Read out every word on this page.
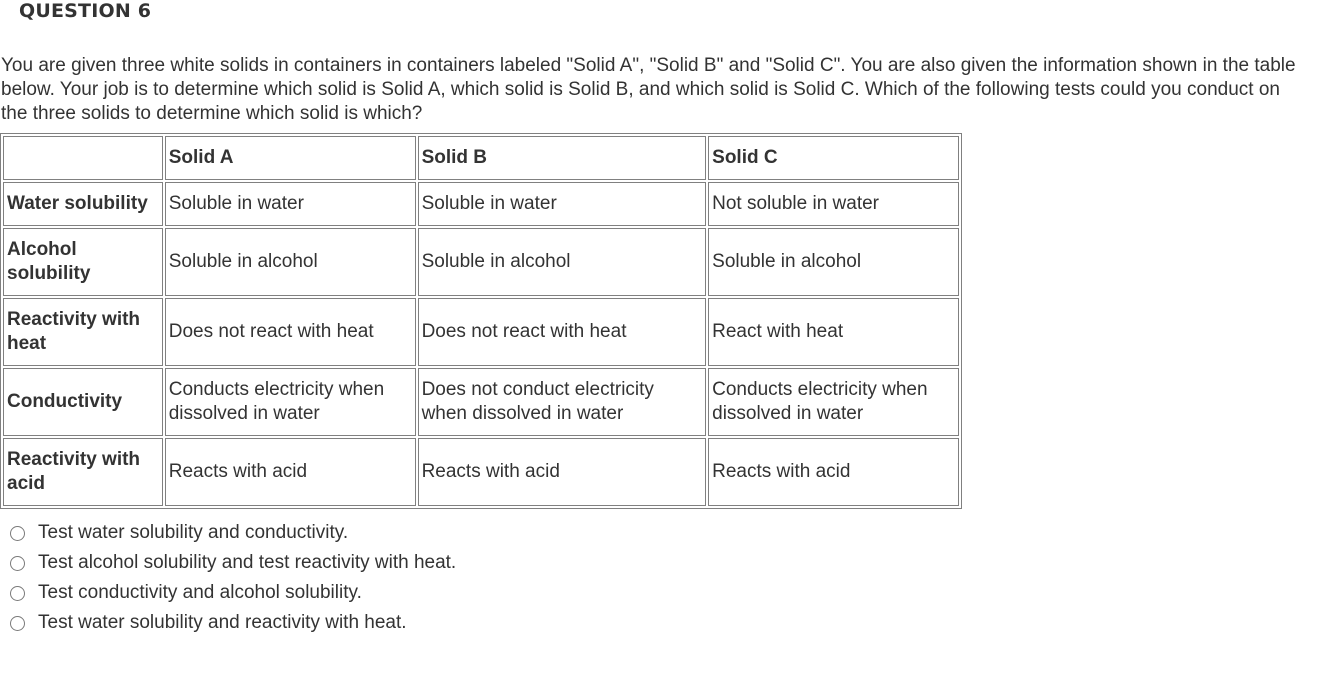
QUESTION 6
You are given three white solids in containers in containers labeled "Solid A", "Solid B" and "Solid C". You are also given the information shown in the table below. Your job is to determine which solid is Solid A, which solid is Solid B, and which solid is Solid C. Which of the following tests could you conduct on the three solids to determine which solid is which?
	Solid A	Solid B	Solid C
Water solubility	Soluble in water	Soluble in water	Not soluble in water
Alcohol solubility	Soluble in alcohol	Soluble in alcohol	Soluble in alcohol
Reactivity with heat	Does not react with heat	Does not react with heat	React with heat
Conductivity	Conducts electricity when dissolved in water	Does not conduct electricity when dissolved in water	Conducts electricity when dissolved in water
Reactivity with acid	Reacts with acid	Reacts with acid	Reacts with acid
Test water solubility and conductivity.
Test alcohol solubility and test reactivity with heat.
Test conductivity and alcohol solubility.
Test water solubility and reactivity with heat.
